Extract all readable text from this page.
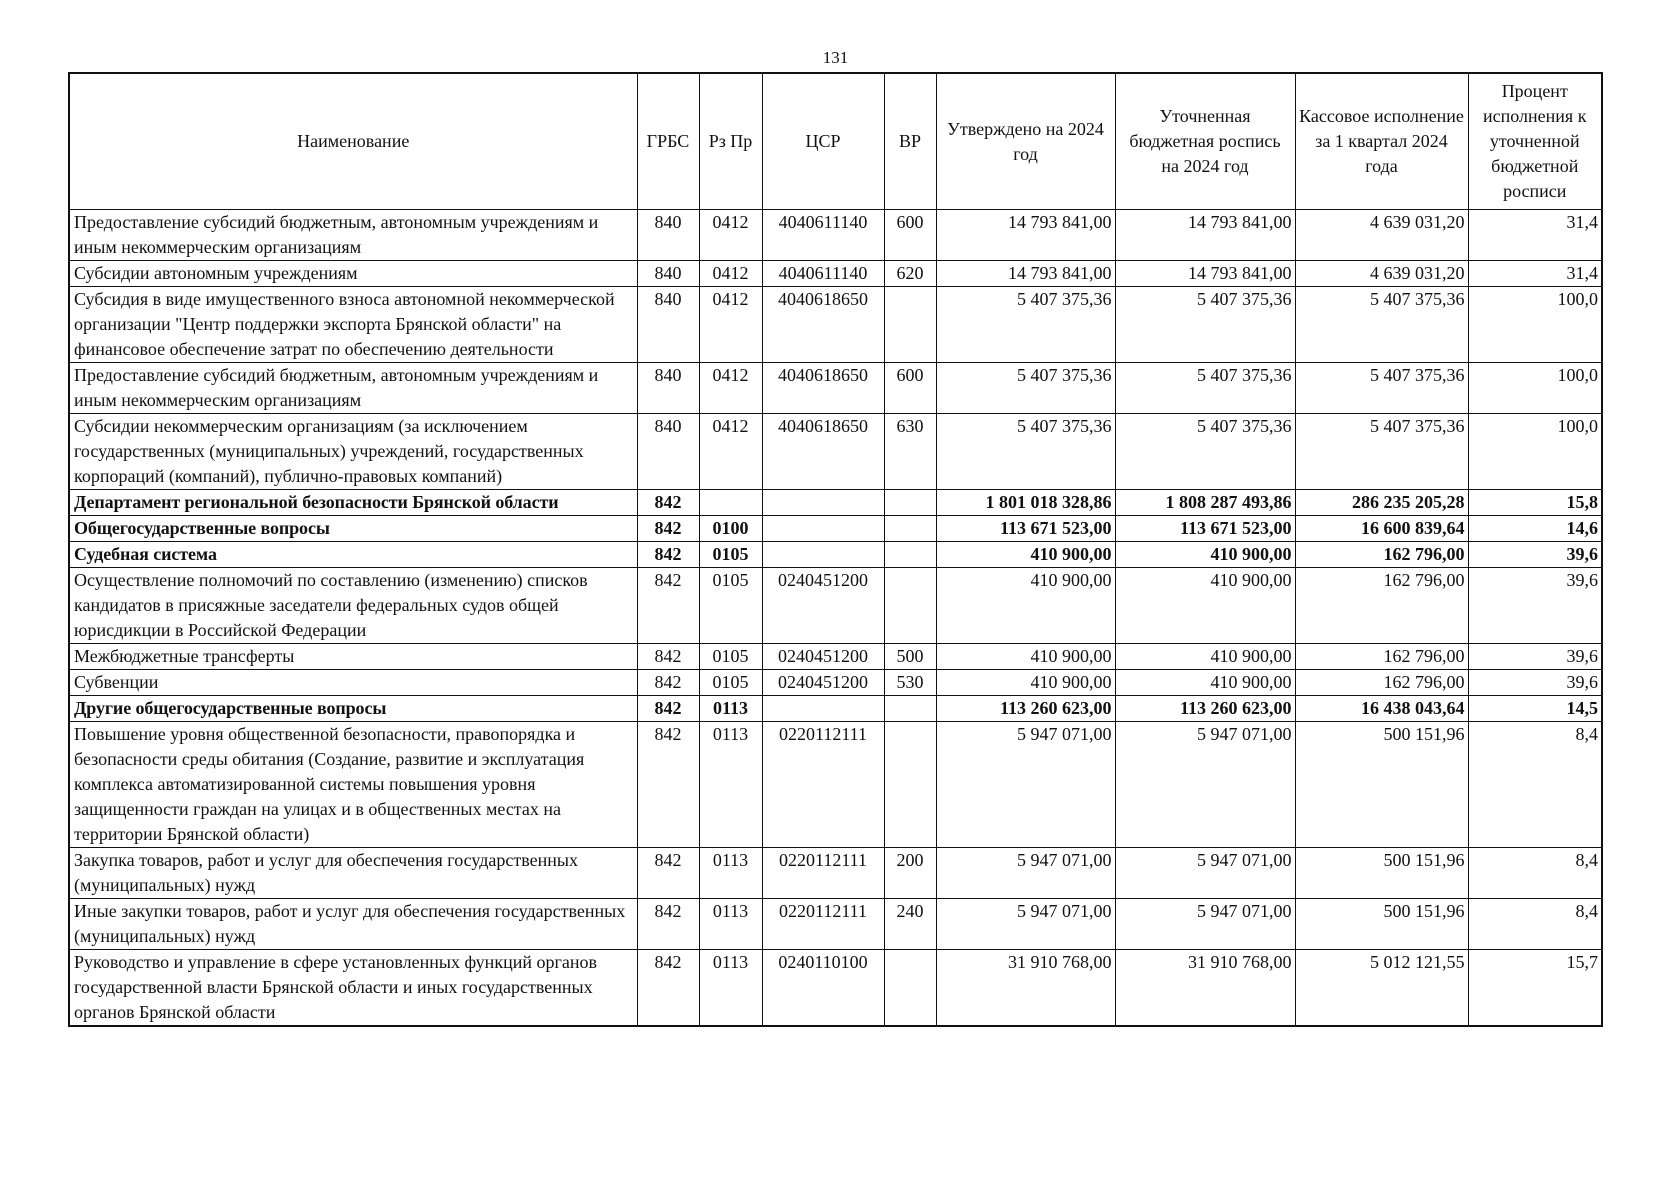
131
Наименование	ГРБС	Рз Пр	ЦСР	ВР	Утверждено на 2024 год	Уточненная бюджетная роспись на 2024 год	Кассовое исполнение за 1 квартал 2024 года	Процент исполнения к уточненной бюджетной росписи
Предоставление субсидий бюджетным, автономным учреждениям и иным некоммерческим организациям	840	0412	4040611140	600	14 793 841,00	14 793 841,00	4 639 031,20	31,4
Субсидии автономным учреждениям	840	0412	4040611140	620	14 793 841,00	14 793 841,00	4 639 031,20	31,4
Субсидия в виде имущественного взноса автономной некоммерческой организации "Центр поддержки экспорта Брянской области" на финансовое обеспечение затрат по обеспечению деятельности	840	0412	4040618650		5 407 375,36	5 407 375,36	5 407 375,36	100,0
Предоставление субсидий бюджетным, автономным учреждениям и иным некоммерческим организациям	840	0412	4040618650	600	5 407 375,36	5 407 375,36	5 407 375,36	100,0
Субсидии некоммерческим организациям (за исключением государственных (муниципальных) учреждений, государственных корпораций (компаний), публично-правовых компаний)	840	0412	4040618650	630	5 407 375,36	5 407 375,36	5 407 375,36	100,0
Департамент региональной безопасности Брянской области	842				1 801 018 328,86	1 808 287 493,86	286 235 205,28	15,8
Общегосударственные вопросы	842	0100			113 671 523,00	113 671 523,00	16 600 839,64	14,6
Судебная система	842	0105			410 900,00	410 900,00	162 796,00	39,6
Осуществление полномочий по составлению (изменению) списков кандидатов в присяжные заседатели федеральных судов общей юрисдикции в Российской Федерации	842	0105	0240451200		410 900,00	410 900,00	162 796,00	39,6
Межбюджетные трансферты	842	0105	0240451200	500	410 900,00	410 900,00	162 796,00	39,6
Субвенции	842	0105	0240451200	530	410 900,00	410 900,00	162 796,00	39,6
Другие общегосударственные вопросы	842	0113			113 260 623,00	113 260 623,00	16 438 043,64	14,5
Повышение уровня общественной безопасности, правопорядка и безопасности среды обитания (Создание, развитие и эксплуатация комплекса автоматизированной системы повышения уровня защищенности граждан на улицах и в общественных местах на территории Брянской области)	842	0113	0220112111		5 947 071,00	5 947 071,00	500 151,96	8,4
Закупка товаров, работ и услуг для обеспечения государственных (муниципальных) нужд	842	0113	0220112111	200	5 947 071,00	5 947 071,00	500 151,96	8,4
Иные закупки товаров, работ и услуг для обеспечения государственных (муниципальных) нужд	842	0113	0220112111	240	5 947 071,00	5 947 071,00	500 151,96	8,4
Руководство и управление в сфере установленных функций органов государственной власти Брянской области и иных государственных органов Брянской области	842	0113	0240110100		31 910 768,00	31 910 768,00	5 012 121,55	15,7
